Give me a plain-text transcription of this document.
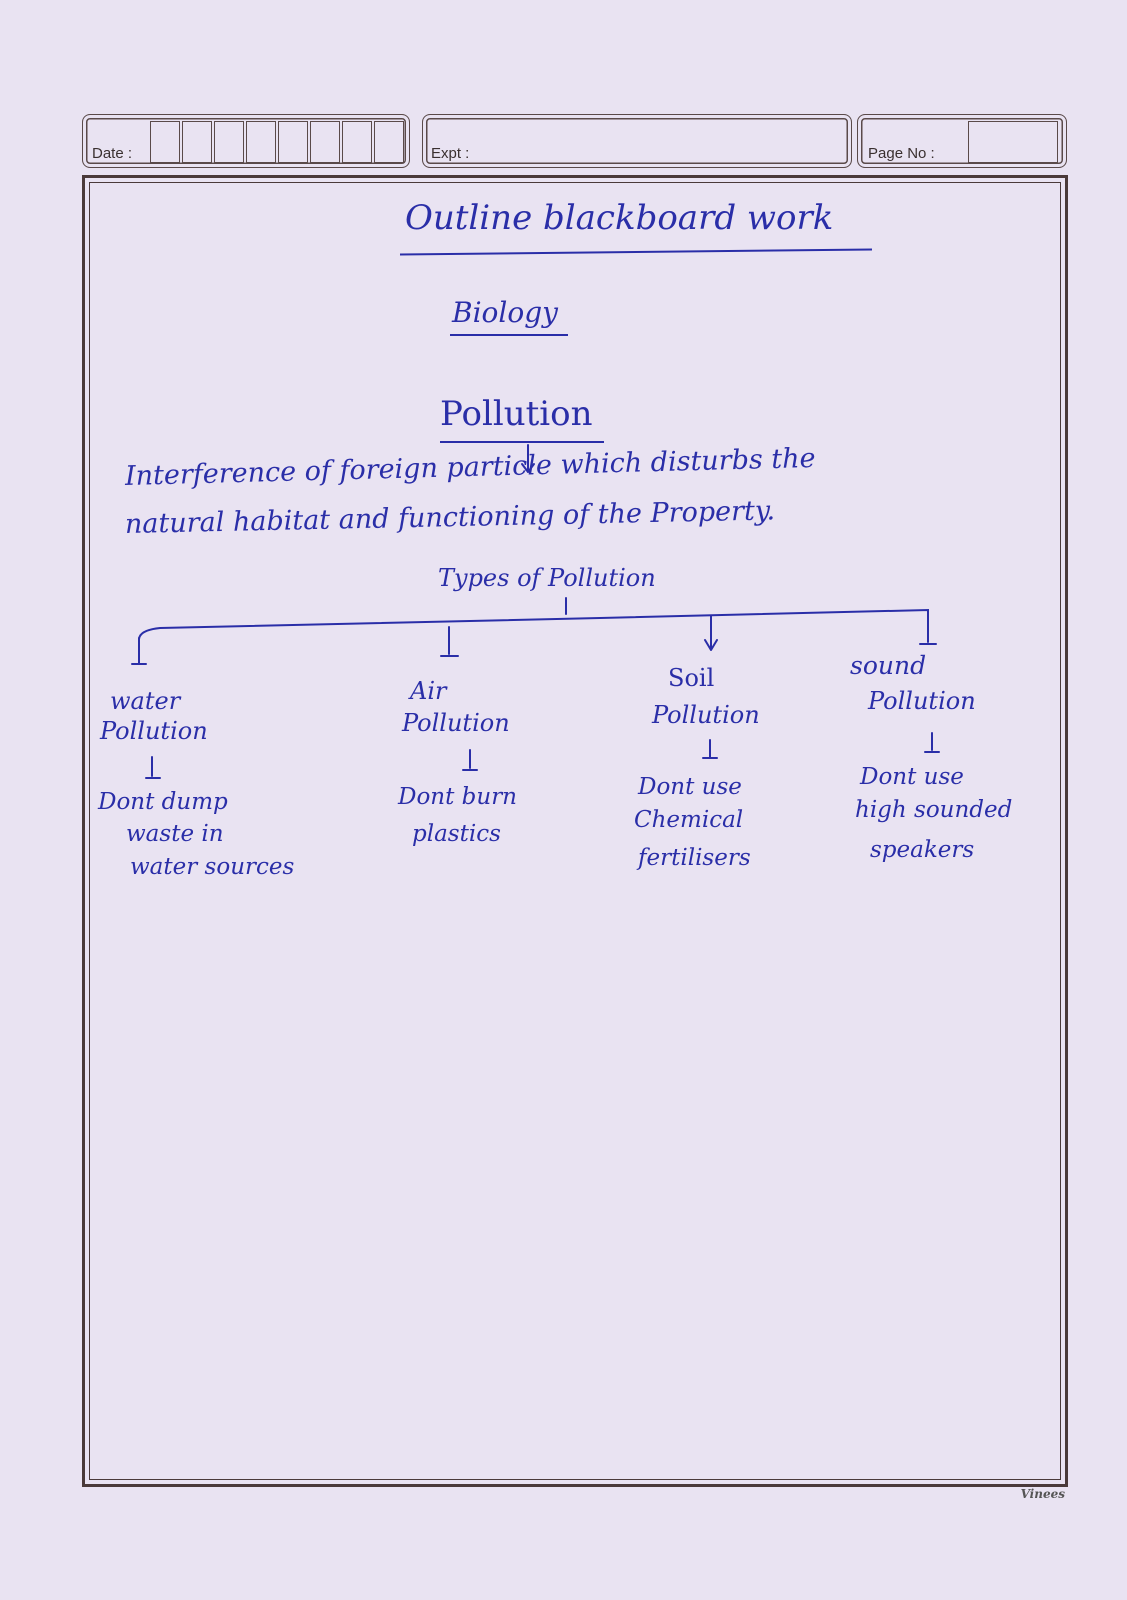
Date :	Expt :	Page No :
Outline blackboard work
Biology
Pollution
Interference of foreign particle which disturbs the
natural habitat and functioning of the Property.
Types of Pollution
water
Pollution
Dont dump
waste in
water sources
Air
Pollution
Dont burn
plastics
Soil
Pollution
Dont use
Chemical
fertilisers
sound
Pollution
Dont use
high sounded
speakers
Vinees
